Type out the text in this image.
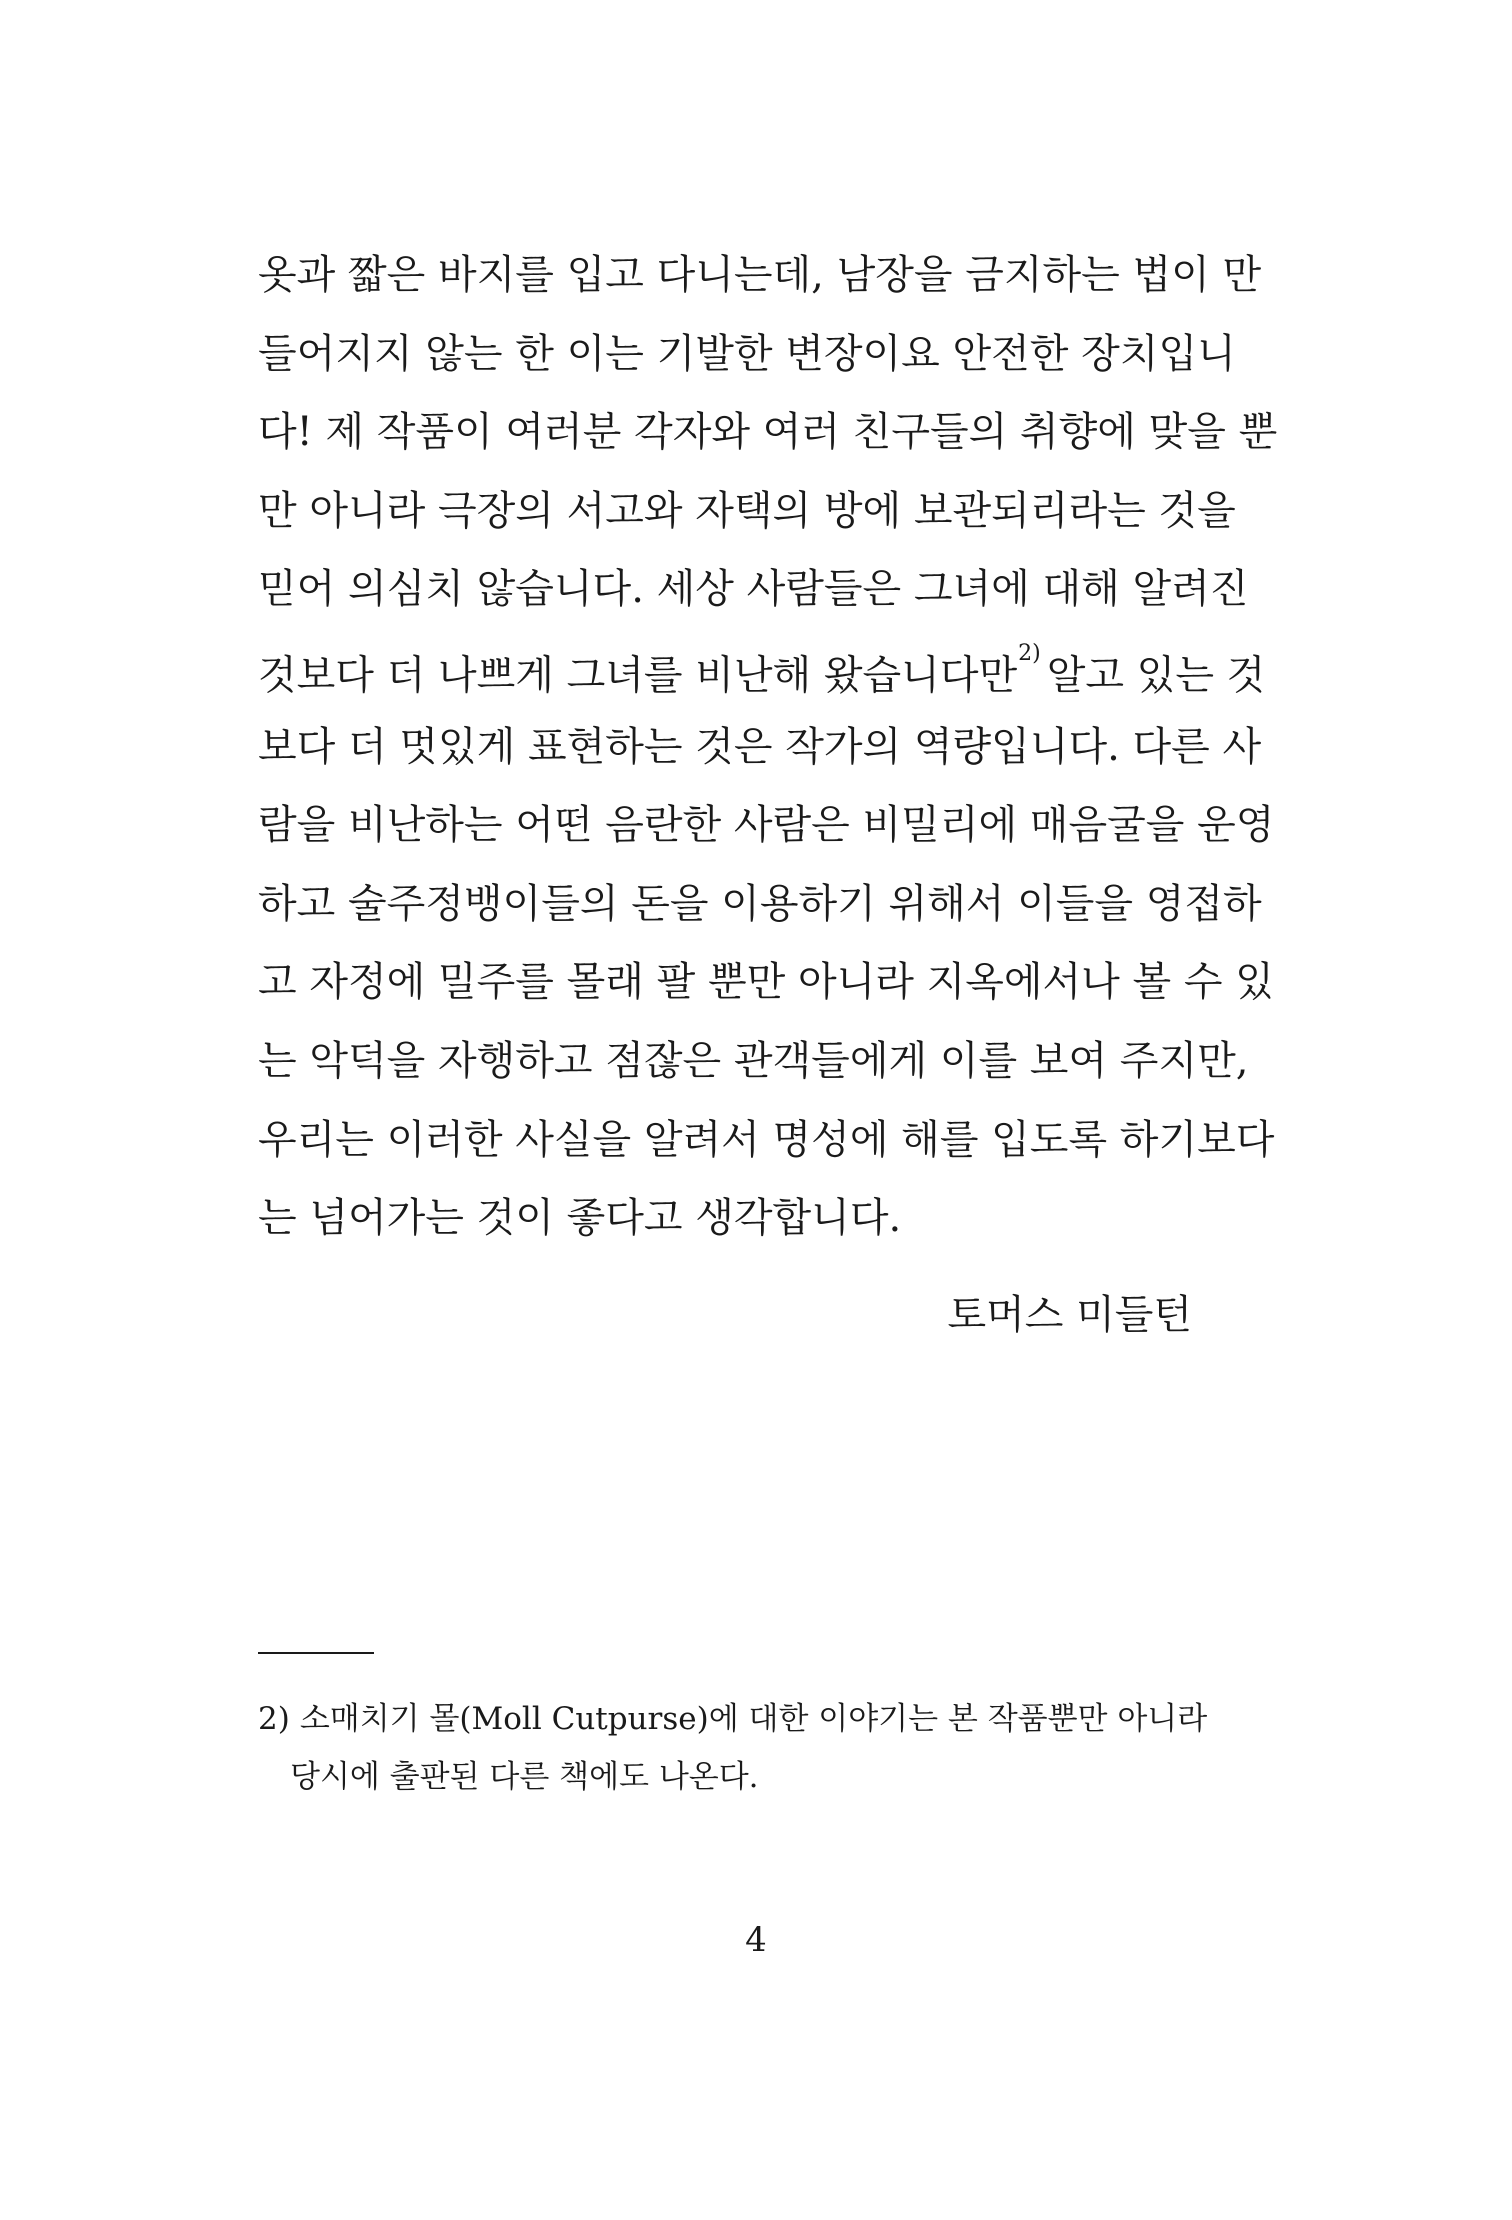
옷과 짧은 바지를 입고 다니는데, 남장을 금지하는 법이 만
들어지지 않는 한 이는 기발한 변장이요 안전한 장치입니
다! 제 작품이 여러분 각자와 여러 친구들의 취향에 맞을 뿐
만 아니라 극장의 서고와 자택의 방에 보관되리라는 것을
믿어 의심치 않습니다. 세상 사람들은 그녀에 대해 알려진
것보다 더 나쁘게 그녀를 비난해 왔습니다만$^{2)}$ 알고 있는 것
보다 더 멋있게 표현하는 것은 작가의 역량입니다. 다른 사
람을 비난하는 어떤 음란한 사람은 비밀리에 매음굴을 운영
하고 술주정뱅이들의 돈을 이용하기 위해서 이들을 영접하
고 자정에 밀주를 몰래 팔 뿐만 아니라 지옥에서나 볼 수 있
는 악덕을 자행하고 점잖은 관객들에게 이를 보여 주지만,
우리는 이러한 사실을 알려서 명성에 해를 입도록 하기보다
는 넘어가는 것이 좋다고 생각합니다.

토머스 미들턴

2) 소매치기 몰(Moll Cutpurse)에 대한 이야기는 본 작품뿐만 아니라
당시에 출판된 다른 책에도 나온다.

4
